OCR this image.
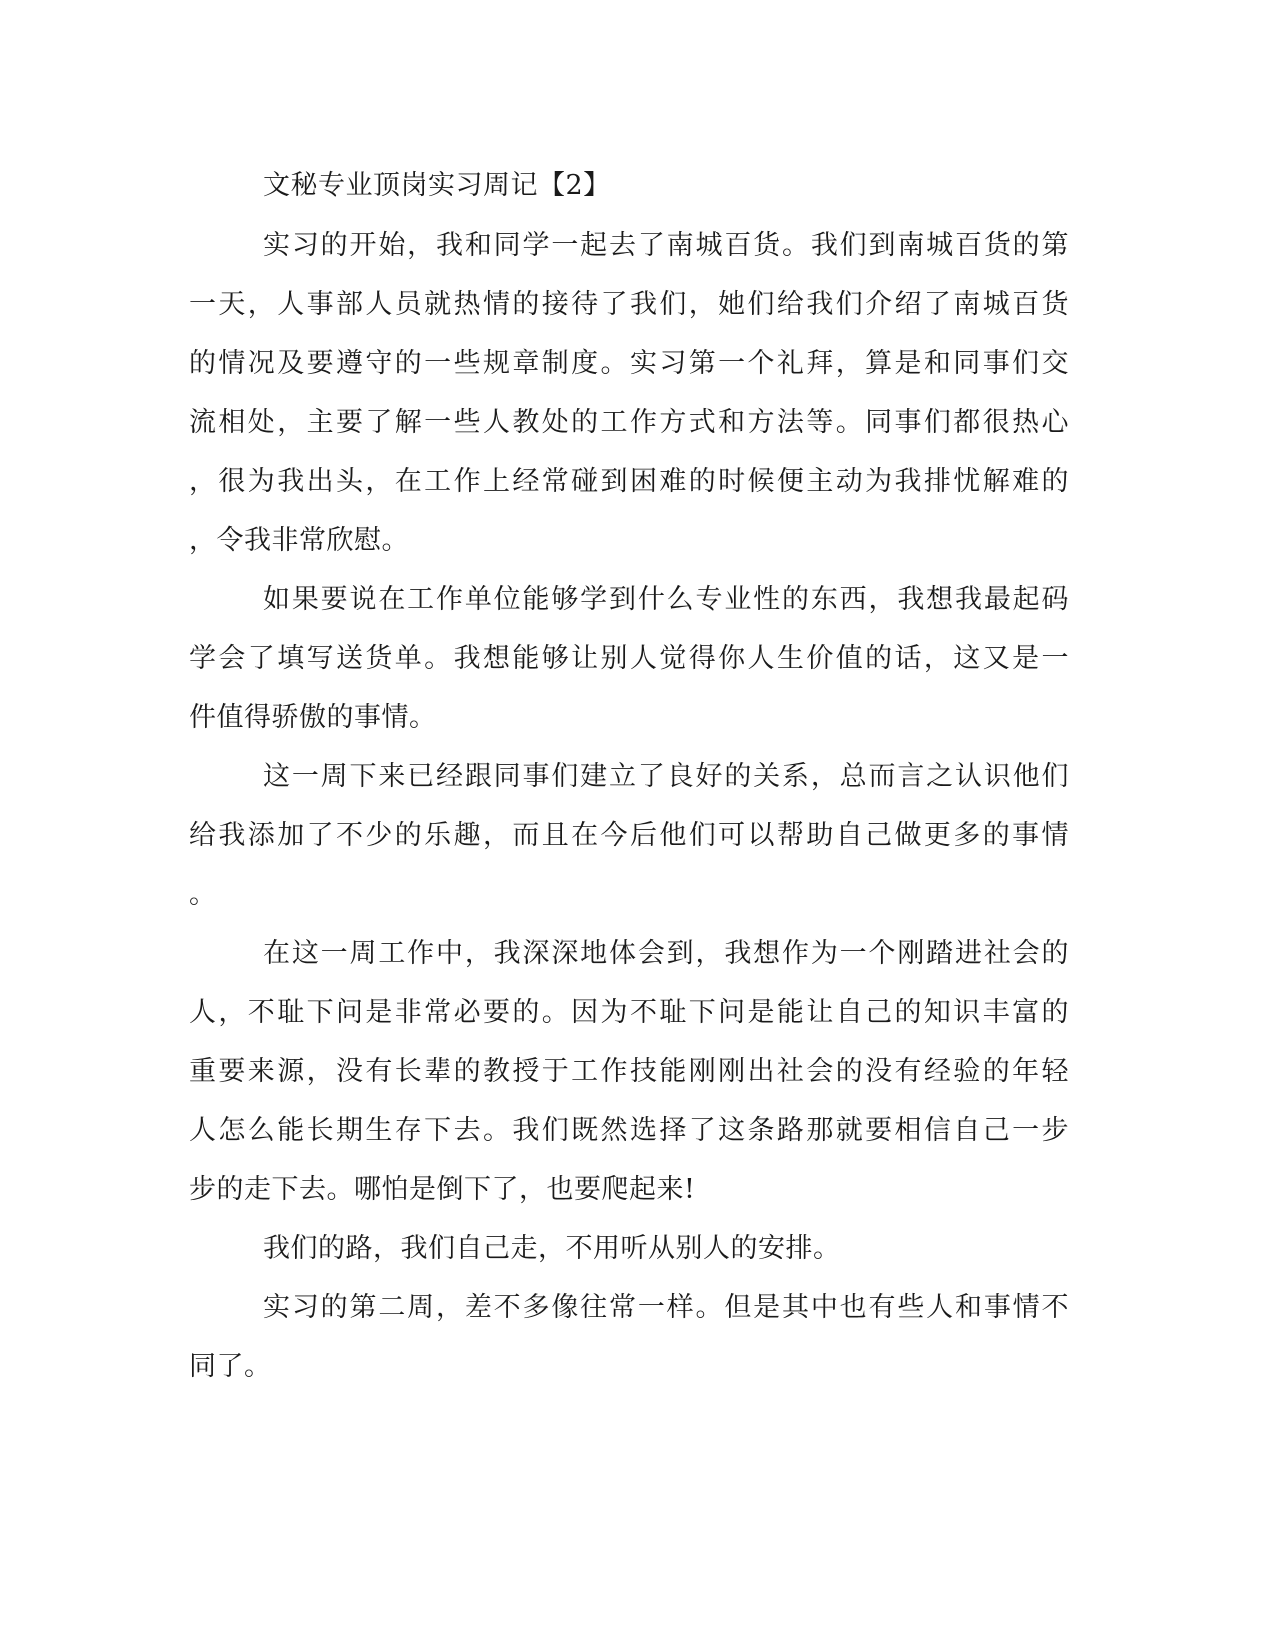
文秘专业顶岗实习周记【2】
实习的开始，我和同学一起去了南城百货。我们到南城百货的第
一天，人事部人员就热情的接待了我们，她们给我们介绍了南城百货
的情况及要遵守的一些规章制度。实习第一个礼拜，算是和同事们交
流相处，主要了解一些人教处的工作方式和方法等。同事们都很热心
，很为我出头，在工作上经常碰到困难的时候便主动为我排忧解难的
，令我非常欣慰。
如果要说在工作单位能够学到什么专业性的东西，我想我最起码
学会了填写送货单。我想能够让别人觉得你人生价值的话，这又是一
件值得骄傲的事情。
这一周下来已经跟同事们建立了良好的关系，总而言之认识他们
给我添加了不少的乐趣，而且在今后他们可以帮助自己做更多的事情
。
在这一周工作中，我深深地体会到，我想作为一个刚踏进社会的
人，不耻下问是非常必要的。因为不耻下问是能让自己的知识丰富的
重要来源，没有长辈的教授于工作技能刚刚出社会的没有经验的年轻
人怎么能长期生存下去。我们既然选择了这条路那就要相信自己一步
步的走下去。哪怕是倒下了，也要爬起来!
我们的路，我们自己走，不用听从别人的安排。
实习的第二周，差不多像往常一样。但是其中也有些人和事情不
同了。
